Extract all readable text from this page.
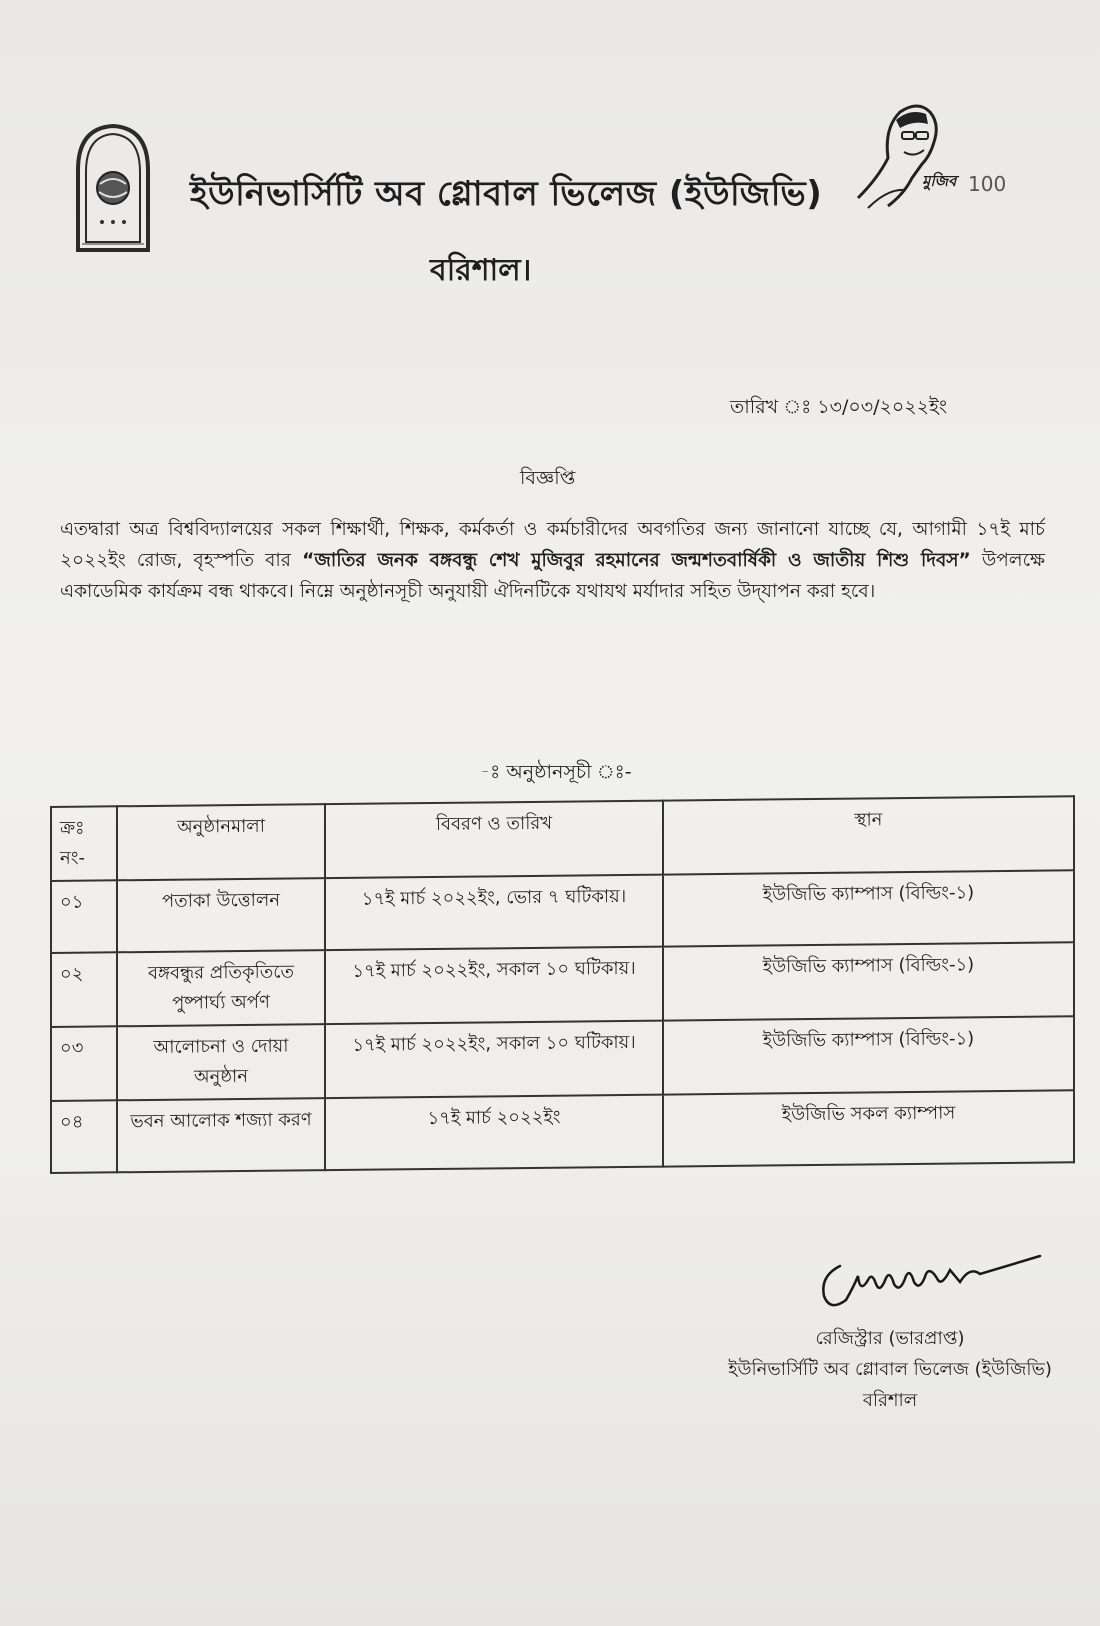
ইউনিভার্সিটি অব গ্লোবাল ভিলেজ (ইউজিভি)
বরিশাল।
মুজিব 100
তারিখ ঃ ১৩/০৩/২০২২ইং
বিজ্ঞপ্তি
এতদ্বারা অত্র বিশ্ববিদ্যালয়ের সকল শিক্ষার্থী, শিক্ষক, কর্মকর্তা ও কর্মচারীদের অবগতির জন্য জানানো যাচ্ছে যে, আগামী ১৭ই মার্চ ২০২২ইং রোজ, বৃহস্পতি বার “জাতির জনক বঙ্গবন্ধু শেখ মুজিবুর রহমানের জন্মশতবার্ষিকী ও জাতীয় শিশু দিবস” উপলক্ষে একাডেমিক কার্যক্রম বন্ধ থাকবে। নিম্নে অনুষ্ঠানসূচী অনুযায়ী ঐদিনটিকে যথাযথ মর্যাদার সহিত উদ্‌যাপন করা হবে।
-ঃ অনুষ্ঠানসূচী ঃ-
ক্রঃ নং-	অনুষ্ঠানমালা	বিবরণ ও তারিখ	স্থান
০১	পতাকা উত্তোলন	১৭ই মার্চ ২০২২ইং, ভোর ৭ ঘটিকায়।	ইউজিভি ক্যাম্পাস (বিল্ডিং-১)
০২	বঙ্গবন্ধুর প্রতিকৃতিতে পুষ্পার্ঘ্য অর্পণ	১৭ই মার্চ ২০২২ইং, সকাল ১০ ঘটিকায়।	ইউজিভি ক্যাম্পাস (বিল্ডিং-১)
০৩	আলোচনা ও দোয়া অনুষ্ঠান	১৭ই মার্চ ২০২২ইং, সকাল ১০ ঘটিকায়।	ইউজিভি ক্যাম্পাস (বিল্ডিং-১)
০৪	ভবন আলোক শজ্যা করণ	১৭ই মার্চ ২০২২ইং	ইউজিভি সকল ক্যাম্পাস
রেজিস্ট্রার (ভারপ্রাপ্ত)
ইউনিভার্সিটি অব গ্লোবাল ভিলেজ (ইউজিভি)
বরিশাল
